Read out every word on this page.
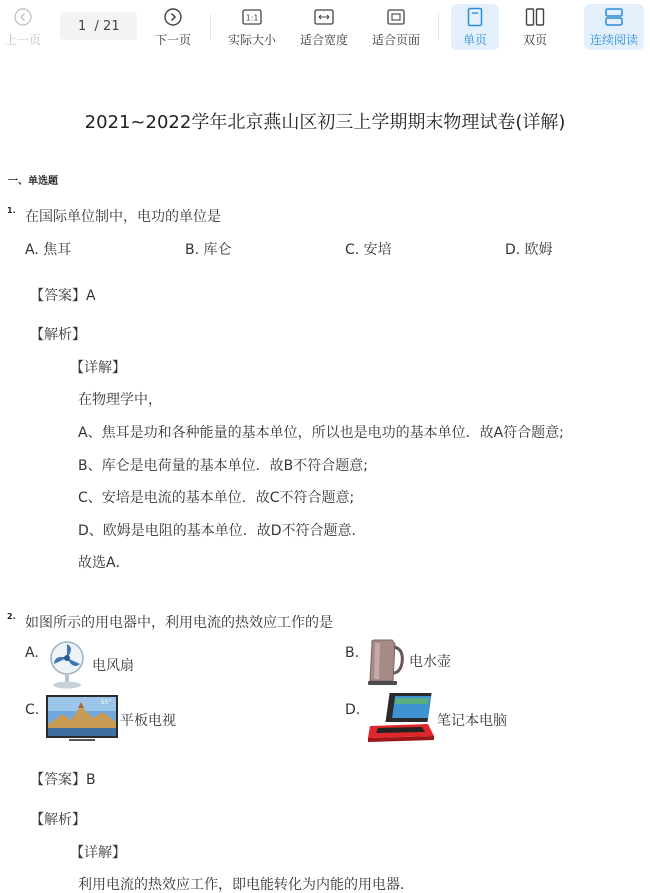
上一页
1
/ 21
下一页
1:1
实际大小 适合宽度 适合页面	单页	双页	连续阅读
2021~2022学年北京燕山区初三上学期期末物理试卷(详解)
一、单选题
1. 在国际单位制中，电功的单位是
A. 焦耳	B. 库仑	C. 安培	D. 欧姆
【答案】A
【解析】
【详解】
在物理学中，
A、焦耳是功和各种能量的基本单位，所以也是电功的基本单位．故A符合题意;
B、库仑是电荷量的基本单位．故B不符合题意;
C、安培是电流的基本单位．故C不符合题意;
D、欧姆是电阻的基本单位．故D不符合题意．
故选A．
2. 如图所示的用电器中，利用电流的热效应工作的是
A.
电风扇
B.
电水壶
C.	55"
平板电视
D.
笔记本电脑
【答案】B
【解析】
【详解】
利用电流的热效应工作，即电能转化为内能的用电器．
